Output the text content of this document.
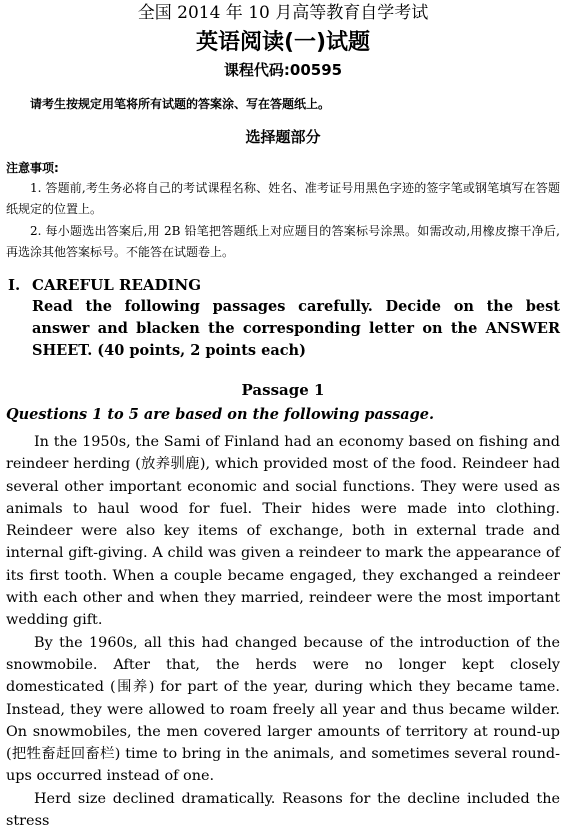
全国 2014 年 10 月高等教育自学考试
英语阅读(一)试题
课程代码:00595
请考生按规定用笔将所有试题的答案涂、写在答题纸上。
选择题部分
注意事项:
1. 答题前,考生务必将自己的考试课程名称、姓名、准考证号用黑色字迹的签字笔或钢笔填写在答题纸规定的位置上。
2. 每小题选出答案后,用 2B 铅笔把答题纸上对应题目的答案标号涂黑。如需改动,用橡皮擦干净后,再选涂其他答案标号。不能答在试题卷上。
I. CAREFUL READING
Read the following passages carefully. Decide on the best answer and blacken the corresponding letter on the ANSWER SHEET. (40 points, 2 points each)
Passage 1
Questions 1 to 5 are based on the following passage.

In the 1950s, the Sami of Finland had an economy based on fishing and reindeer herding (放养驯鹿), which provided most of the food. Reindeer had several other important economic and social functions. They were used as animals to haul wood for fuel. Their hides were made into clothing. Reindeer were also key items of exchange, both in external trade and internal gift-giving. A child was given a reindeer to mark the appearance of its first tooth. When a couple became engaged, they exchanged a reindeer with each other and when they married, reindeer were the most important wedding gift.

By the 1960s, all this had changed because of the introduction of the snowmobile. After that, the herds were no longer kept closely domesticated (围养) for part of the year, during which they became tame. Instead, they were allowed to roam freely all year and thus became wilder. On snowmobiles, the men covered larger amounts of territory at round-up (把牲畜赶回畜栏) time to bring in the animals, and sometimes several round-ups occurred instead of one.

Herd size declined dramatically. Reasons for the decline included the stress
